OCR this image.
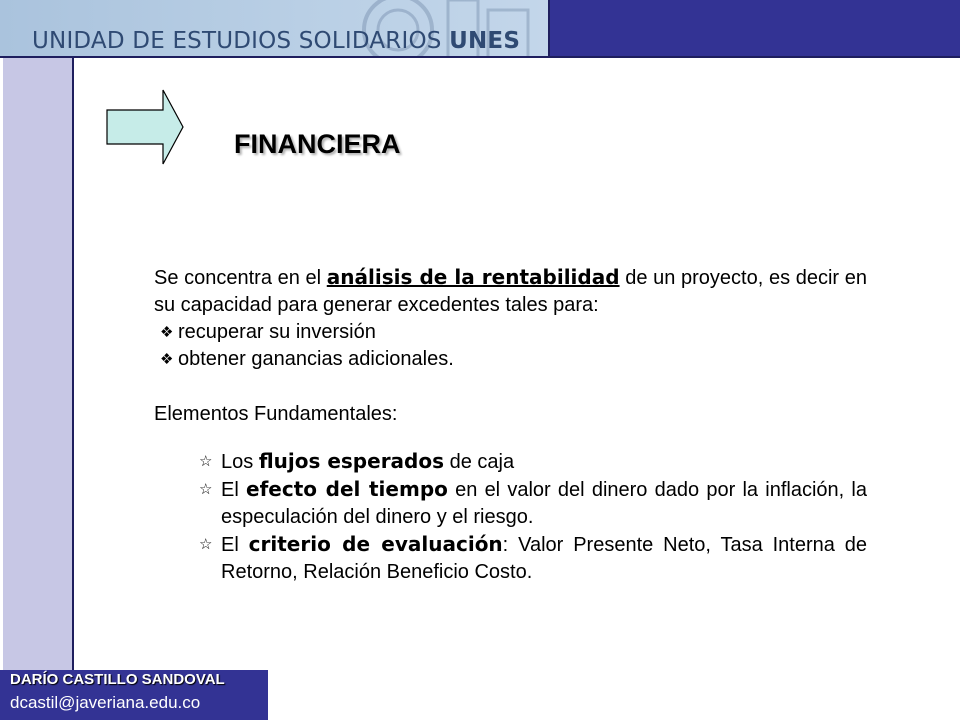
UNIDAD DE ESTUDIOS SOLIDARIOS UNES
FINANCIERA
Se concentra en el análisis de la rentabilidad de un proyecto, es decir en su capacidad para generar excedentes tales para:
❖ recuperar su inversión
❖ obtener ganancias adicionales.
Elementos Fundamentales:
☆ Los flujos esperados de caja
☆ El efecto del tiempo en el valor del dinero dado por la inflación, la especulación del dinero y el riesgo.
☆ El criterio de evaluación: Valor Presente Neto, Tasa Interna de Retorno, Relación Beneficio Costo.
DARÍO CASTILLO SANDOVAL
dcastil@javeriana.edu.co
